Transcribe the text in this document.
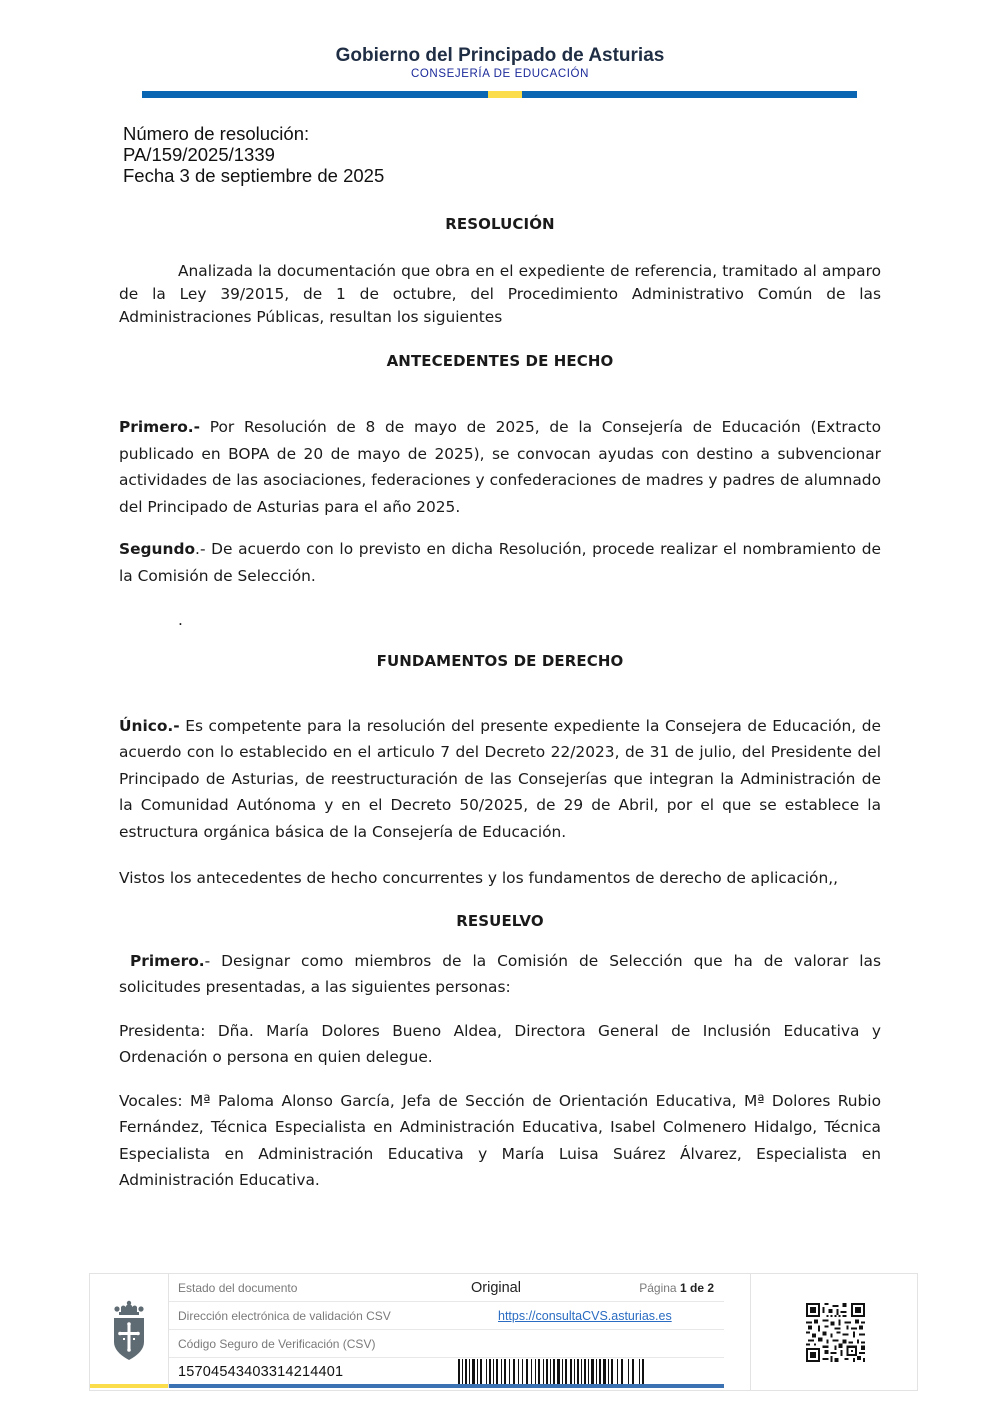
Gobierno del Principado de Asturias
CONSEJERÍA DE EDUCACIÓN
Número de resolución:
PA/159/2025/1339
Fecha 3 de septiembre de 2025

RESOLUCIÓN

Analizada la documentación que obra en el expediente de referencia, tramitado al amparo de la Ley 39/2015, de 1 de octubre, del Procedimiento Administrativo Común de las Administraciones Públicas, resultan los siguientes

ANTECEDENTES DE HECHO

Primero.- Por Resolución de 8 de mayo de 2025, de la Consejería de Educación (Extracto publicado en BOPA de 20 de mayo de 2025), se convocan ayudas con destino a subvencionar actividades de las asociaciones, federaciones y confederaciones de madres y padres de alumnado del Principado de Asturias para el año 2025.

Segundo.- De acuerdo con lo previsto en dicha Resolución, procede realizar el nombramiento de la Comisión de Selección.

.

FUNDAMENTOS DE DERECHO

Único.- Es competente para la resolución del presente expediente la Consejera de Educación, de acuerdo con lo establecido en el articulo 7 del Decreto 22/2023, de 31 de julio, del Presidente del Principado de Asturias, de reestructuración de las Consejerías que integran la Administración de la Comunidad Autónoma y en el Decreto 50/2025, de 29 de Abril, por el que se establece la estructura orgánica básica de la Consejería de Educación.

Vistos los antecedentes de hecho concurrentes y los fundamentos de derecho de aplicación,,

RESUELVO

Primero.- Designar como miembros de la Comisión de Selección que ha de valorar las solicitudes presentadas, a las siguientes personas:

Presidenta: Dña. María Dolores Bueno Aldea, Directora General de Inclusión Educativa y Ordenación o persona en quien delegue.

Vocales: Mª Paloma Alonso García, Jefa de Sección de Orientación Educativa, Mª Dolores Rubio Fernández, Técnica Especialista en Administración Educativa, Isabel Colmenero Hidalgo, Técnica Especialista en Administración Educativa y María Luisa Suárez Álvarez, Especialista en Administración Educativa.

Estado del documento	Original	Página 1 de 2
Dirección electrónica de validación CSV	https://consultaCVS.asturias.es
Código Seguro de Verificación (CSV)
15704543403314214401
